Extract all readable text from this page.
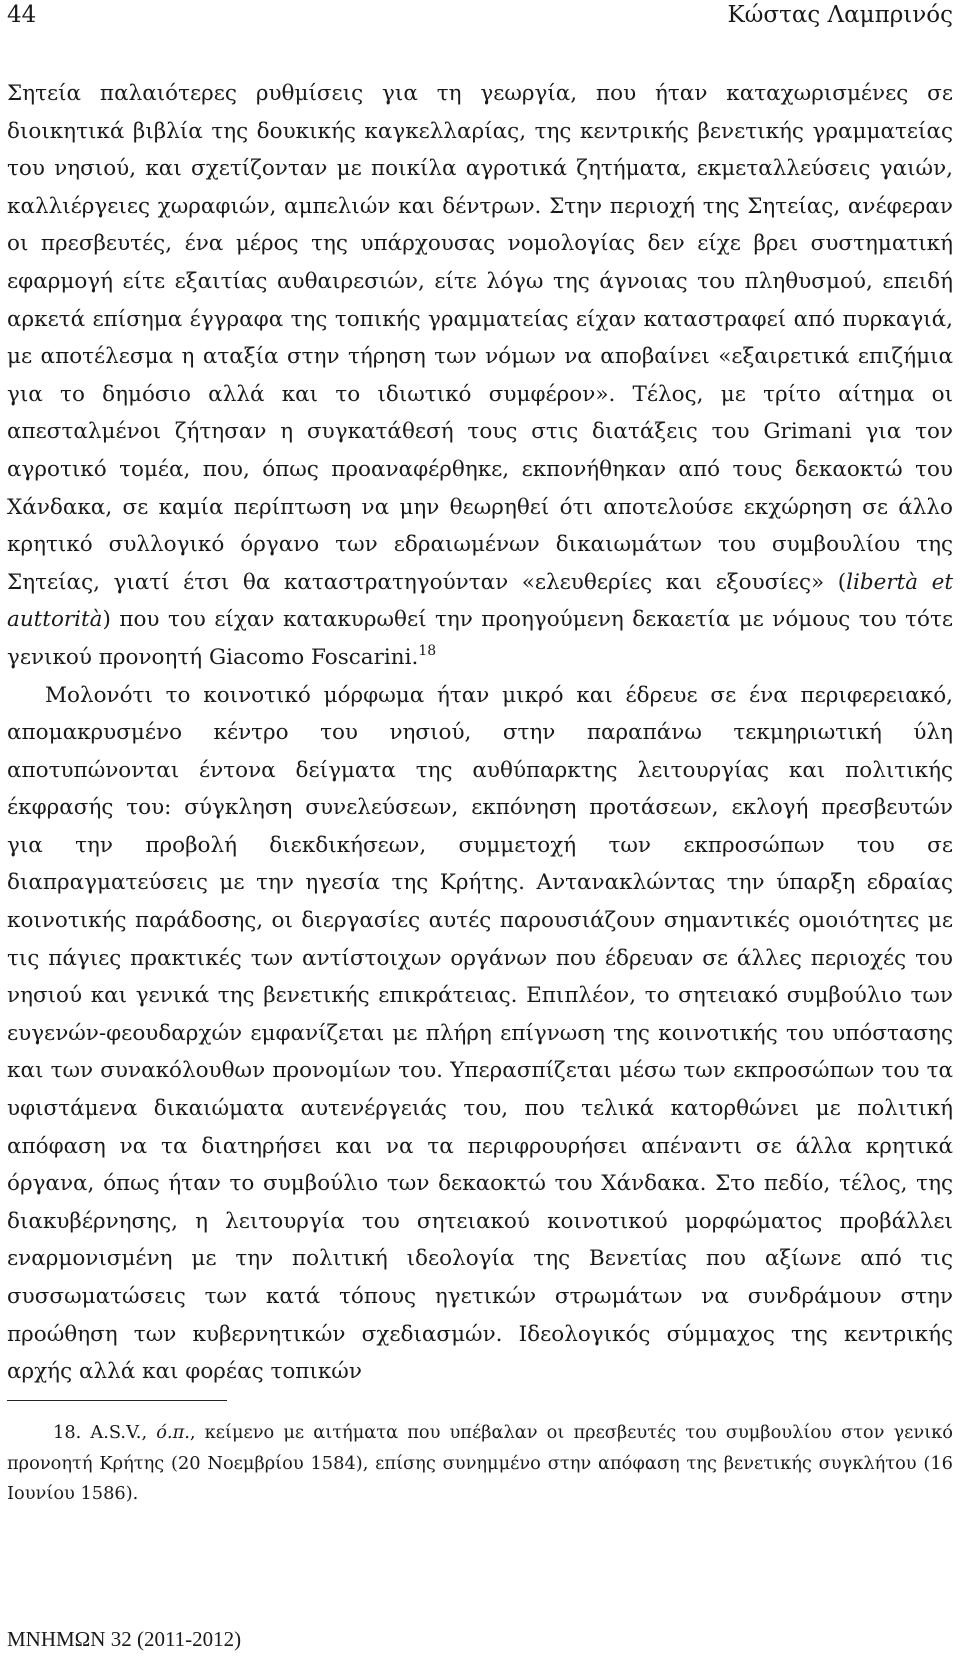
44	Κώστας Λαμπρινός

Σητεία παλαιότερες ρυθμίσεις για τη γεωργία, που ήταν καταχωρισμένες σε διοικητικά βιβλία της δουκικής καγκελλαρίας, της κεντρικής βενετικής γραμματείας του νησιού, και σχετίζονταν με ποικίλα αγροτικά ζητήματα, εκμεταλλεύσεις γαιών, καλλιέργειες χωραφιών, αμπελιών και δέντρων. Στην περιοχή της Σητείας, ανέφεραν οι πρεσβευτές, ένα μέρος της υπάρχουσας νομολογίας δεν είχε βρει συστηματική εφαρμογή είτε εξαιτίας αυθαιρεσιών, είτε λόγω της άγνοιας του πληθυσμού, επειδή αρκετά επίσημα έγγραφα της τοπικής γραμματείας είχαν καταστραφεί από πυρκαγιά, με αποτέλεσμα η αταξία στην τήρηση των νόμων να αποβαίνει «εξαιρετικά επιζήμια για το δημόσιο αλλά και το ιδιωτικό συμφέρον». Τέλος, με τρίτο αίτημα οι απεσταλμένοι ζήτησαν η συγκατάθεσή τους στις διατάξεις του Grimani για τον αγροτικό τομέα, που, όπως προαναφέρθηκε, εκπονήθηκαν από τους δεκαοκτώ του Χάνδακα, σε καμία περίπτωση να μην θεωρηθεί ότι αποτελούσε εκχώρηση σε άλλο κρητικό συλλογικό όργανο των εδραιωμένων δικαιωμάτων του συμβουλίου της Σητείας, γιατί έτσι θα καταστρατηγούνταν «ελευθερίες και εξουσίες» (libertà et auttorità) που του είχαν κατακυρωθεί την προηγούμενη δεκαετία με νόμους του τότε γενικού προνοητή Giacomo Foscarini.$^{18}$

Μολονότι το κοινοτικό μόρφωμα ήταν μικρό και έδρευε σε ένα περιφερειακό, απομακρυσμένο κέντρο του νησιού, στην παραπάνω τεκμηριωτική ύλη αποτυπώνονται έντονα δείγματα της αυθύπαρκτης λειτουργίας και πολιτικής έκφρασής του: σύγκληση συνελεύσεων, εκπόνηση προτάσεων, εκλογή πρεσβευτών για την προβολή διεκδικήσεων, συμμετοχή των εκπροσώπων του σε διαπραγματεύσεις με την ηγεσία της Κρήτης. Αντανακλώντας την ύπαρξη εδραίας κοινοτικής παράδοσης, οι διεργασίες αυτές παρουσιάζουν σημαντικές ομοιότητες με τις πάγιες πρακτικές των αντίστοιχων οργάνων που έδρευαν σε άλλες περιοχές του νησιού και γενικά της βενετικής επικράτειας. Επιπλέον, το σητειακό συμβούλιο των ευγενών-φεουδαρχών εμφανίζεται με πλήρη επίγνωση της κοινοτικής του υπόστασης και των συνακόλουθων προνομίων του. Υπερασπίζεται μέσω των εκπροσώπων του τα υφιστάμενα δικαιώματα αυτενέργειάς του, που τελικά κατορθώνει με πολιτική απόφαση να τα διατηρήσει και να τα περιφρουρήσει απέναντι σε άλλα κρητικά όργανα, όπως ήταν το συμβούλιο των δεκαοκτώ του Χάνδακα. Στο πεδίο, τέλος, της διακυβέρνησης, η λειτουργία του σητειακού κοινοτικού μορφώματος προβάλλει εναρμονισμένη με την πολιτική ιδεολογία της Βενετίας που αξίωνε από τις συσσωματώσεις των κατά τόπους ηγετικών στρωμάτων να συνδράμουν στην προώθηση των κυβερνητικών σχεδιασμών. Ιδεολογικός σύμμαχος της κεντρικής αρχής αλλά και φορέας τοπικών

18. A.S.V., ό.π., κείμενο με αιτήματα που υπέβαλαν οι πρεσβευτές του συμβουλίου στον γενικό προνοητή Κρήτης (20 Νοεμβρίου 1584), επίσης συνημμένο στην απόφαση της βενετικής συγκλήτου (16 Ιουνίου 1586).

ΜΝΗΜΩΝ 32 (2011-2012)
